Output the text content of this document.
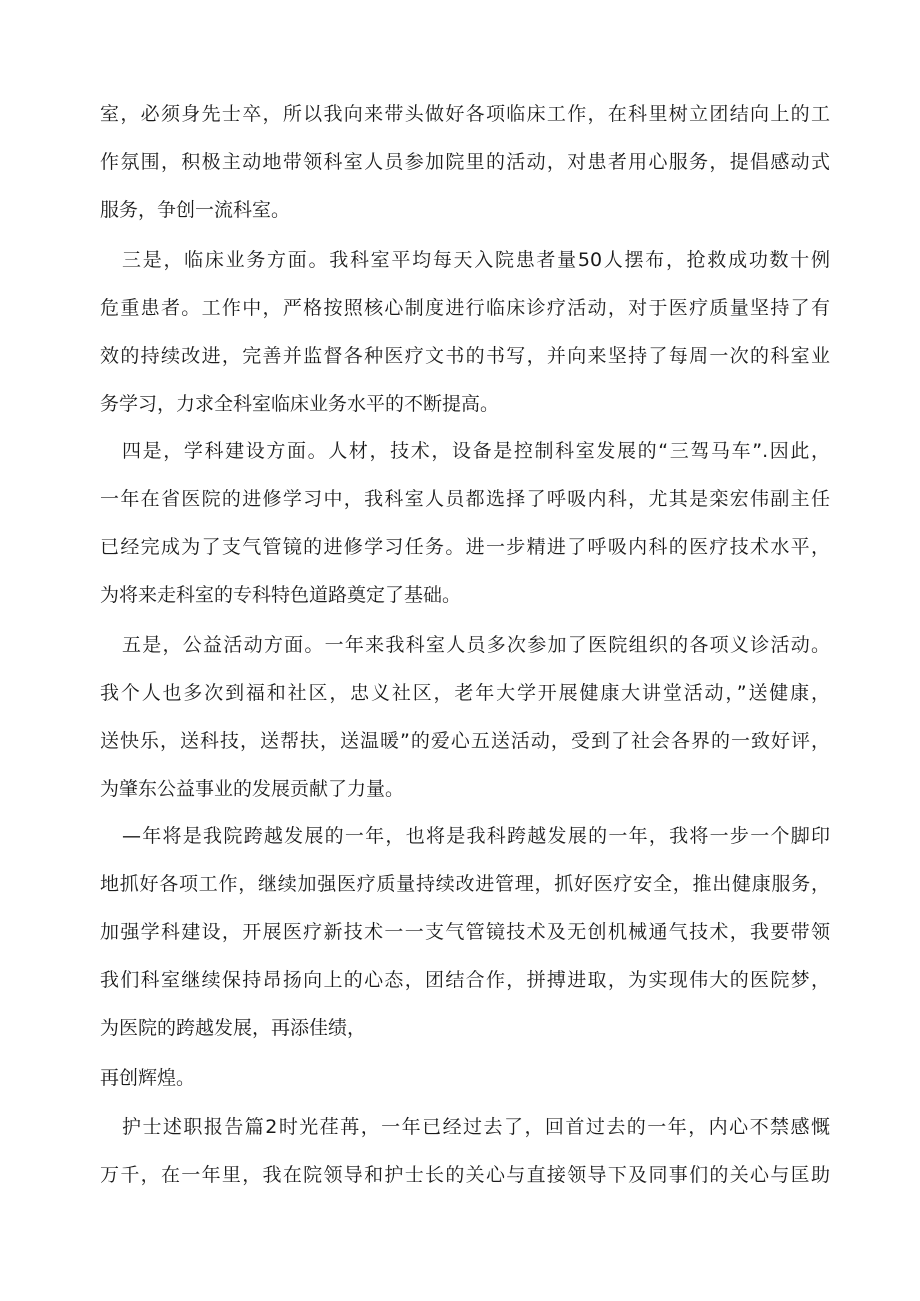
室，必须身先士卒，所以我向来带头做好各项临床工作，在科里树立团结向上的工
作氛围，积极主动地带领科室人员参加院里的活动，对患者用心服务，提倡感动式
服务，争创一流科室。
三是，临床业务方面。我科室平均每天入院患者量50人摆布，抢救成功数十例
危重患者。工作中，严格按照核心制度进行临床诊疗活动，对于医疗质量坚持了有
效的持续改进，完善并监督各种医疗文书的书写，并向来坚持了每周一次的科室业
务学习，力求全科室临床业务水平的不断提高。
四是，学科建设方面。人材，技术，设备是控制科室发展的“三驾马车”.因此，
一年在省医院的进修学习中，我科室人员都选择了呼吸内科，尤其是栾宏伟副主任
已经完成为了支气管镜的进修学习任务。进一步精进了呼吸内科的医疗技术水平，
为将来走科室的专科特色道路奠定了基础。
五是，公益活动方面。一年来我科室人员多次参加了医院组织的各项义诊活动。
我个人也多次到福和社区，忠义社区，老年大学开展健康大讲堂活动，”送健康，
送快乐，送科技，送帮扶，送温暖”的爱心五送活动，受到了社会各界的一致好评，
为肇东公益事业的发展贡献了力量。
—年将是我院跨越发展的一年，也将是我科跨越发展的一年，我将一步一个脚印
地抓好各项工作，继续加强医疗质量持续改进管理，抓好医疗安全，推出健康服务，
加强学科建设，开展医疗新技术一一支气管镜技术及无创机械通气技术，我要带领
我们科室继续保持昂扬向上的心态，团结合作，拼搏进取，为实现伟大的医院梦，
为医院的跨越发展，再添佳绩，
再创辉煌。
护士述职报告篇2时光荏苒，一年已经过去了，回首过去的一年，内心不禁感慨
万千，在一年里，我在院领导和护士长的关心与直接领导下及同事们的关心与匡助
